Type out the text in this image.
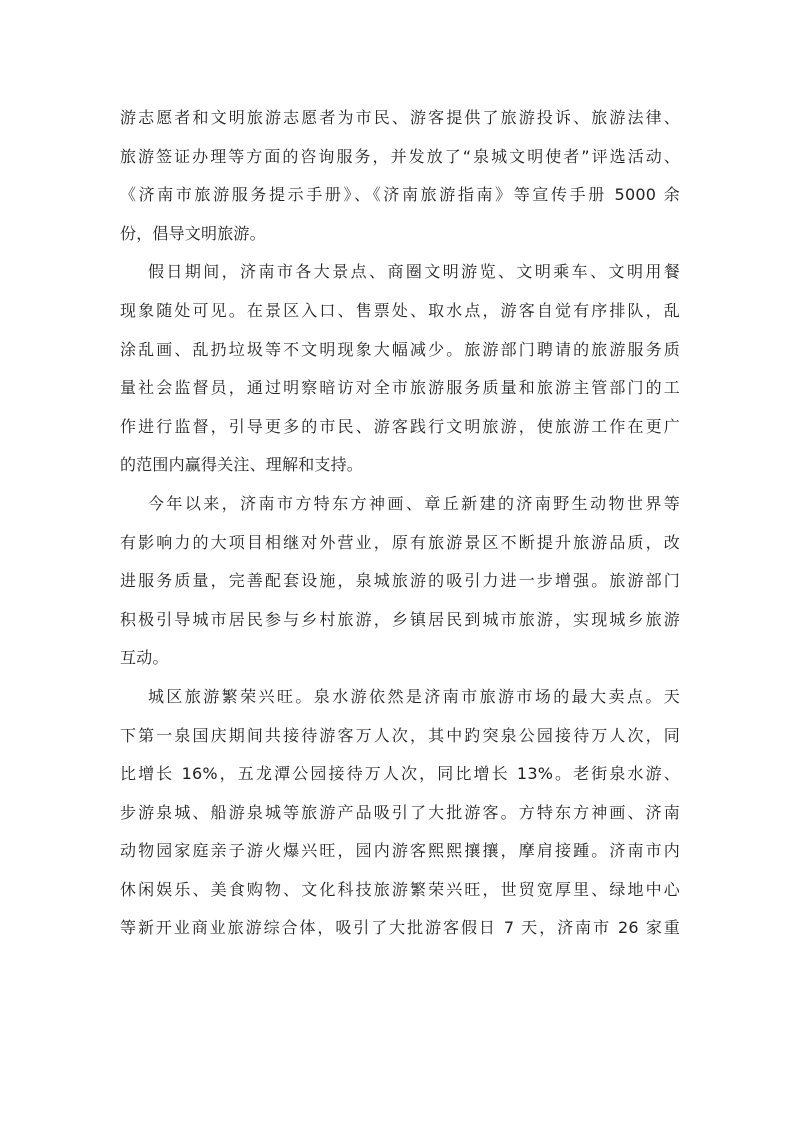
游志愿者和文明旅游志愿者为市民、游客提供了旅游投诉、旅游法律、
旅游签证办理等方面的咨询服务，并发放了“泉城文明使者”评选活动、
《济南市旅游服务提示手册》、《济南旅游指南》等宣传手册 5000 余
份，倡导文明旅游。
假日期间，济南市各大景点、商圈文明游览、文明乘车、文明用餐
现象随处可见。在景区入口、售票处、取水点，游客自觉有序排队，乱
涂乱画、乱扔垃圾等不文明现象大幅减少。旅游部门聘请的旅游服务质
量社会监督员，通过明察暗访对全市旅游服务质量和旅游主管部门的工
作进行监督，引导更多的市民、游客践行文明旅游，使旅游工作在更广
的范围内赢得关注、理解和支持。
今年以来，济南市方特东方神画、章丘新建的济南野生动物世界等
有影响力的大项目相继对外营业，原有旅游景区不断提升旅游品质，改
进服务质量，完善配套设施，泉城旅游的吸引力进一步增强。旅游部门
积极引导城市居民参与乡村旅游，乡镇居民到城市旅游，实现城乡旅游
互动。
城区旅游繁荣兴旺。泉水游依然是济南市旅游市场的最大卖点。天
下第一泉国庆期间共接待游客万人次，其中趵突泉公园接待万人次，同
比增长 16%，五龙潭公园接待万人次，同比增长 13%。老街泉水游、
步游泉城、船游泉城等旅游产品吸引了大批游客。方特东方神画、济南
动物园家庭亲子游火爆兴旺，园内游客熙熙攘攘，摩肩接踵。济南市内
休闲娱乐、美食购物、文化科技旅游繁荣兴旺，世贸宽厚里、绿地中心
等新开业商业旅游综合体，吸引了大批游客假日 7 天，济南市 26 家重
